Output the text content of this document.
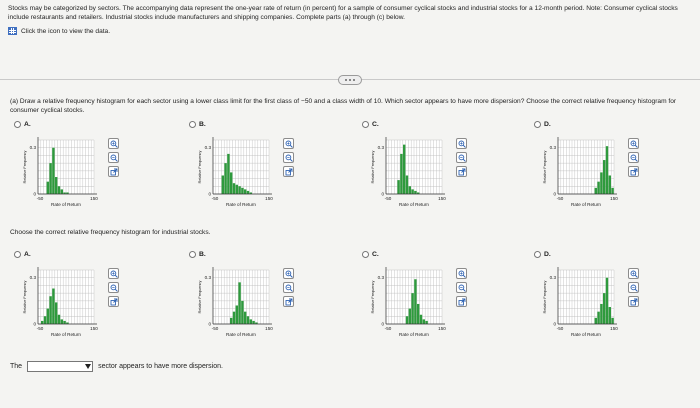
Stocks may be categorized by sectors. The accompanying data represent the one-year rate of return (in percent) for a sample of consumer cyclical stocks and industrial stocks for a 12-month period. Note: Consumer cyclical stocks include restaurants and retailers. Industrial stocks include manufacturers and shipping companies. Complete parts (a) through (c) below.
Click the icon to view the data.
(a) Draw a relative frequency histogram for each sector using a lower class limit for the first class of −50 and a class width of 10. Which sector appears to have more dispersion? Choose the correct relative frequency histogram for consumer cyclical stocks.
Choose the correct relative frequency histogram for industrial stocks.
A.
0.3
0
-50	150
Rate of Return
Relative Frequency
B.
0.3
0
-50	150
Rate of Return
Relative Frequency
C.
0.3
0
-50	150
Rate of Return
Relative Frequency
D.
0.3
0
-50	150
Rate of Return
Relative Frequency
A.
0.3
0
-50	150
Rate of Return
Relative Frequency
B.
0.3
0
-50	150
Rate of Return
Relative Frequency
C.
0.3
0
-50	150
Rate of Return
Relative Frequency
D.
0.3
0
-50	150
Rate of Return
Relative Frequency
The	sector appears to have more dispersion.
